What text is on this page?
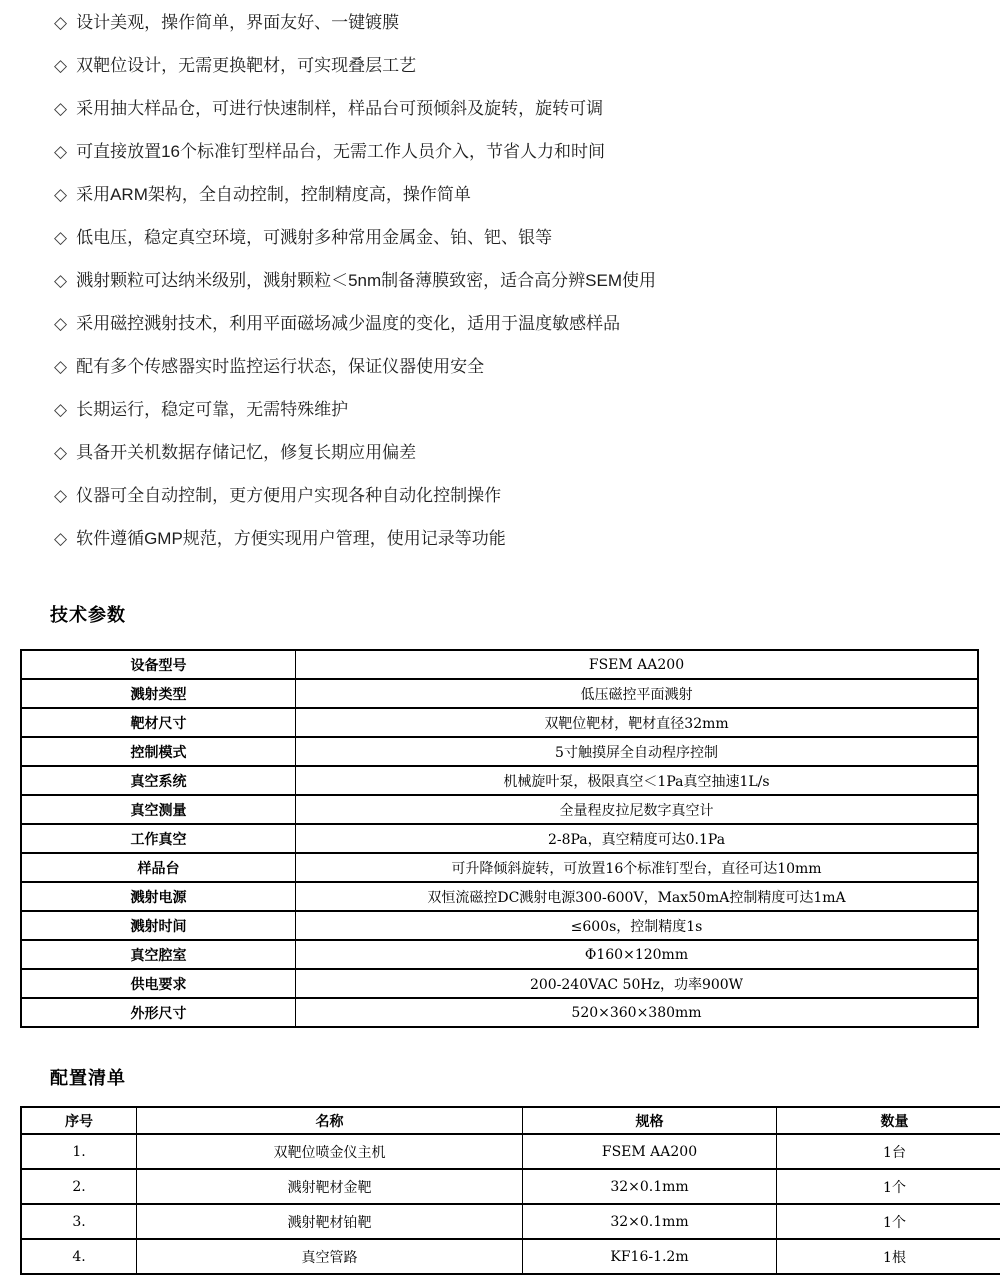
◇ 设计美观，操作简单，界面友好、一键镀膜
◇ 双靶位设计，无需更换靶材，可实现叠层工艺
◇ 采用抽大样品仓，可进行快速制样，样品台可预倾斜及旋转，旋转可调
◇ 可直接放置16个标准钉型样品台，无需工作人员介入，节省人力和时间
◇ 采用ARM架构，全自动控制，控制精度高，操作简单
◇ 低电压，稳定真空环境，可溅射多种常用金属金、铂、钯、银等
◇ 溅射颗粒可达纳米级别，溅射颗粒＜5nm制备薄膜致密，适合高分辨SEM使用
◇ 采用磁控溅射技术，利用平面磁场减少温度的变化，适用于温度敏感样品
◇ 配有多个传感器实时监控运行状态，保证仪器使用安全
◇ 长期运行，稳定可靠，无需特殊维护
◇ 具备开关机数据存储记忆，修复长期应用偏差
◇ 仪器可全自动控制，更方便用户实现各种自动化控制操作
◇ 软件遵循GMP规范，方便实现用户管理，使用记录等功能
技术参数
设备型号	FSEM AA200
溅射类型	低压磁控平面溅射
靶材尺寸	双靶位靶材，靶材直径32mm
控制模式	5寸触摸屏全自动程序控制
真空系统	机械旋叶泵，极限真空＜1Pa真空抽速1L/s
真空测量	全量程皮拉尼数字真空计
工作真空	2-8Pa，真空精度可达0.1Pa
样品台	可升降倾斜旋转，可放置16个标准钉型台，直径可达10mm
溅射电源	双恒流磁控DC溅射电源300-600V，Max50mA控制精度可达1mA
溅射时间	≤600s，控制精度1s
真空腔室	Φ160×120mm
供电要求	200-240VAC 50Hz，功率900W
外形尺寸	520×360×380mm
配置清单
序号	名称	规格	数量
1.	双靶位喷金仪主机	FSEM AA200	1台
2.	溅射靶材金靶	32×0.1mm	1个
3.	溅射靶材铂靶	32×0.1mm	1个
4.	真空管路	KF16-1.2m	1根
